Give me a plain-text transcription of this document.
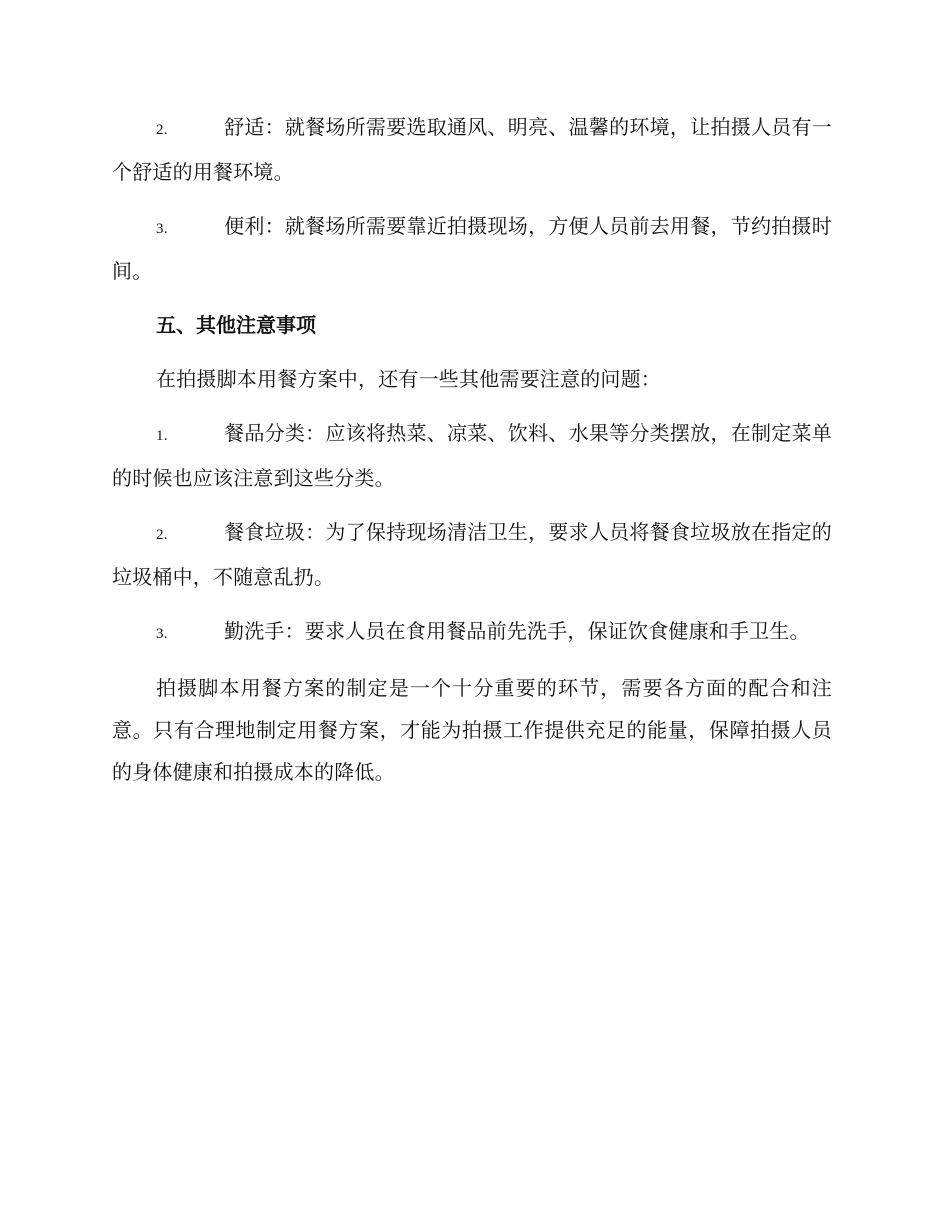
2.	舒适：就餐场所需要选取通风、明亮、温馨的环境，让拍摄人员有一个舒适的用餐环境。

3.	便利：就餐场所需要靠近拍摄现场，方便人员前去用餐，节约拍摄时间。

五、其他注意事项

在拍摄脚本用餐方案中，还有一些其他需要注意的问题：

1.	餐品分类：应该将热菜、凉菜、饮料、水果等分类摆放，在制定菜单的时候也应该注意到这些分类。

2.	餐食垃圾：为了保持现场清洁卫生，要求人员将餐食垃圾放在指定的垃圾桶中，不随意乱扔。

3.	勤洗手：要求人员在食用餐品前先洗手，保证饮食健康和手卫生。

拍摄脚本用餐方案的制定是一个十分重要的环节，需要各方面的配合和注意。只有合理地制定用餐方案，才能为拍摄工作提供充足的能量，保障拍摄人员的身体健康和拍摄成本的降低。
